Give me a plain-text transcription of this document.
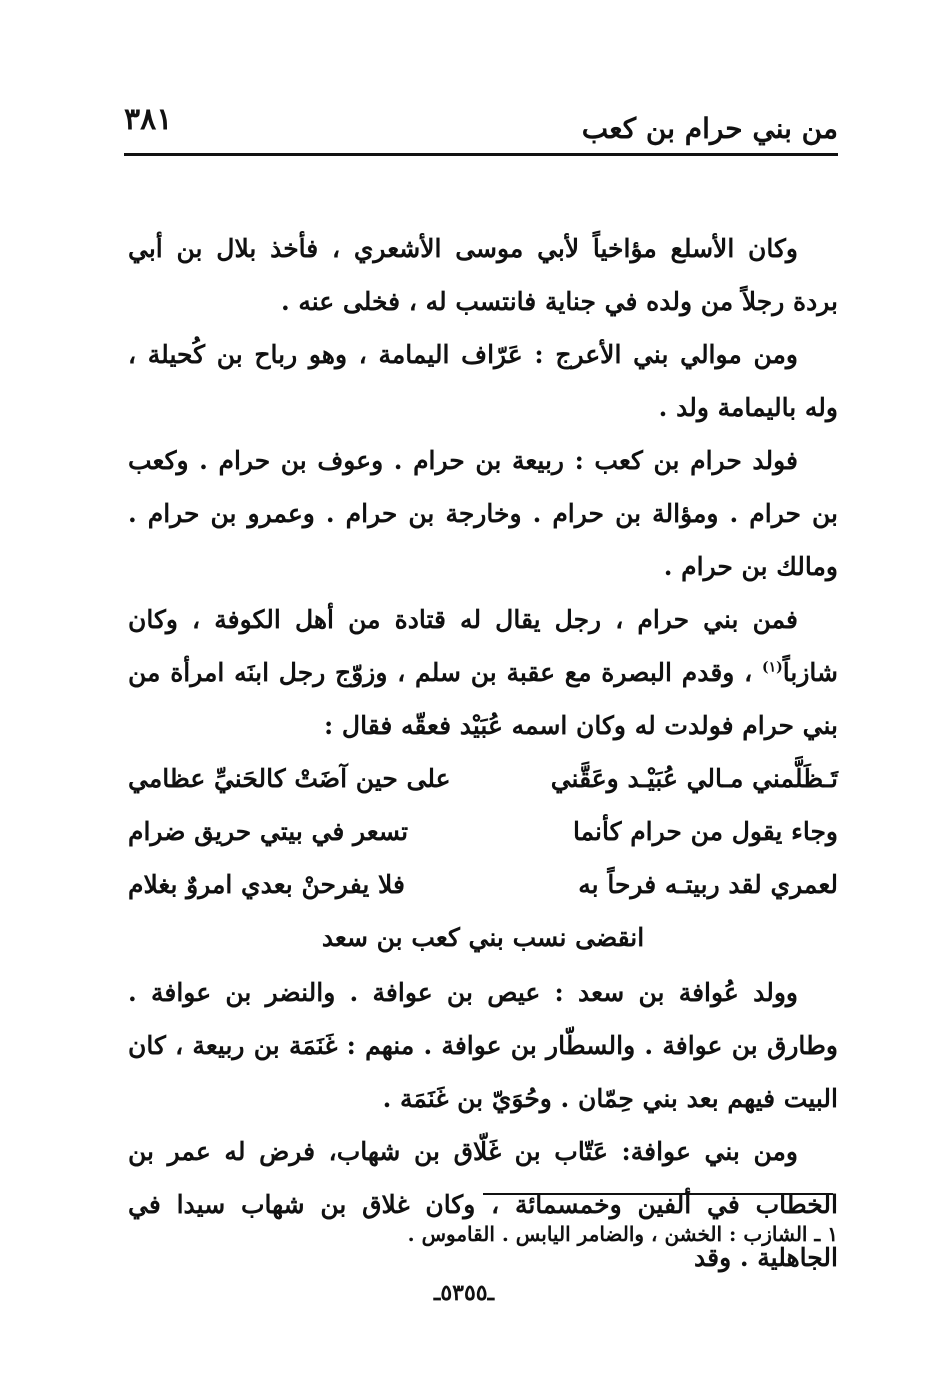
من بني حرام بن كعب
٣٨١

وكان الأسلع مؤاخياً لأبي موسى الأشعري ، فأخذ بلال بن أبي بردة رجلاً من ولده في جناية فانتسب له ، فخلى عنه .

ومن موالي بني الأعرج : عَرّاف اليمامة ، وهو رباح بن كُحيلة ، وله باليمامة ولد .

فولد حرام بن كعب : ربيعة بن حرام . وعوف بن حرام . وكعب بن حرام . ومؤالة بن حرام . وخارجة بن حرام . وعمرو بن حرام . ومالك بن حرام .

فمن بني حرام ، رجل يقال له قتادة من أهل الكوفة ، وكان شازباً$^{(١)}$ ، وقدم البصرة مع عقبة بن سلم ، وزوّج رجل ابنَه امرأة من بني حرام فولدت له وكان اسمه عُبَيْد فعقّه فقال :

تَـظَلَّمني مـالي عُبَيْـد وعَقَّني
على حين آضَتْ كالحَنيِّ عظامي
وجاء يقول من حرام كأنما
تسعر في بيتي حريق ضرام
لعمري لقد ربيتـه فرحاً به
فلا يفرحنْ بعدي امروٌ بغلام
انقضى نسب بني كعب بن سعد

وولد عُوافة بن سعد : عيص بن عوافة . والنضر بن عوافة . وطارق بن عوافة . والسطّار بن عوافة . منهم : غَنَمَة بن ربيعة ، كان البيت فيهم بعد بني حِمّان . وحُوَيّ بن غَنَمَة .

ومن بني عوافة: عَتّاب بن غَلّاق بن شهاب، فرض له عمر بن الخطاب في ألفين وخمسمائة ، وكان غلاق بن شهاب سيدا في الجاهلية . وقد

١ ـ الشازب : الخشن ، والضامر اليابس . القاموس .
ـ٥٣٥٥ـ
